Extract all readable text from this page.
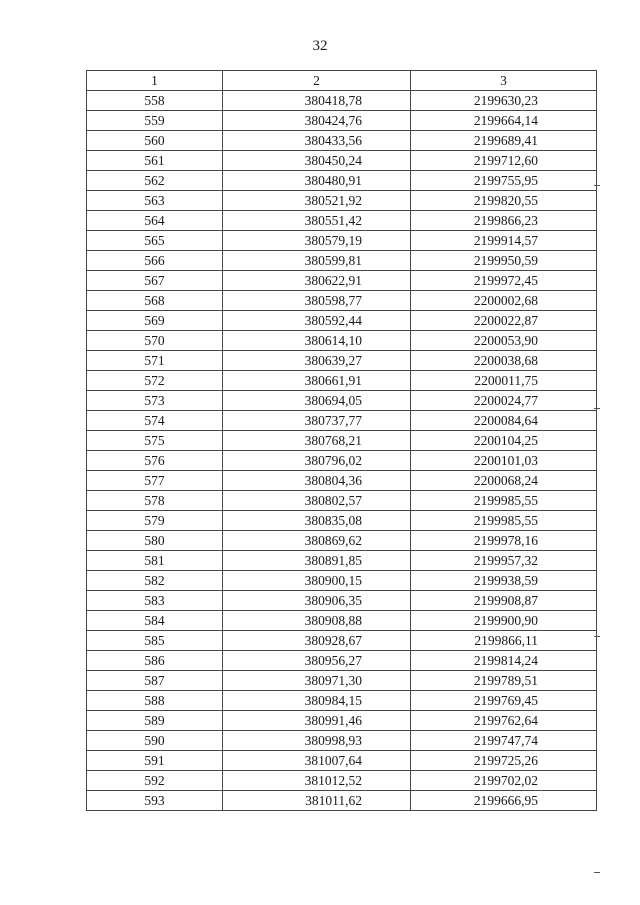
32
1	2	3
558	380418,78	2199630,23
559	380424,76	2199664,14
560	380433,56	2199689,41
561	380450,24	2199712,60
562	380480,91	2199755,95
563	380521,92	2199820,55
564	380551,42	2199866,23
565	380579,19	2199914,57
566	380599,81	2199950,59
567	380622,91	2199972,45
568	380598,77	2200002,68
569	380592,44	2200022,87
570	380614,10	2200053,90
571	380639,27	2200038,68
572	380661,91	2200011,75
573	380694,05	2200024,77
574	380737,77	2200084,64
575	380768,21	2200104,25
576	380796,02	2200101,03
577	380804,36	2200068,24
578	380802,57	2199985,55
579	380835,08	2199985,55
580	380869,62	2199978,16
581	380891,85	2199957,32
582	380900,15	2199938,59
583	380906,35	2199908,87
584	380908,88	2199900,90
585	380928,67	2199866,11
586	380956,27	2199814,24
587	380971,30	2199789,51
588	380984,15	2199769,45
589	380991,46	2199762,64
590	380998,93	2199747,74
591	381007,64	2199725,26
592	381012,52	2199702,02
593	381011,62	2199666,95
